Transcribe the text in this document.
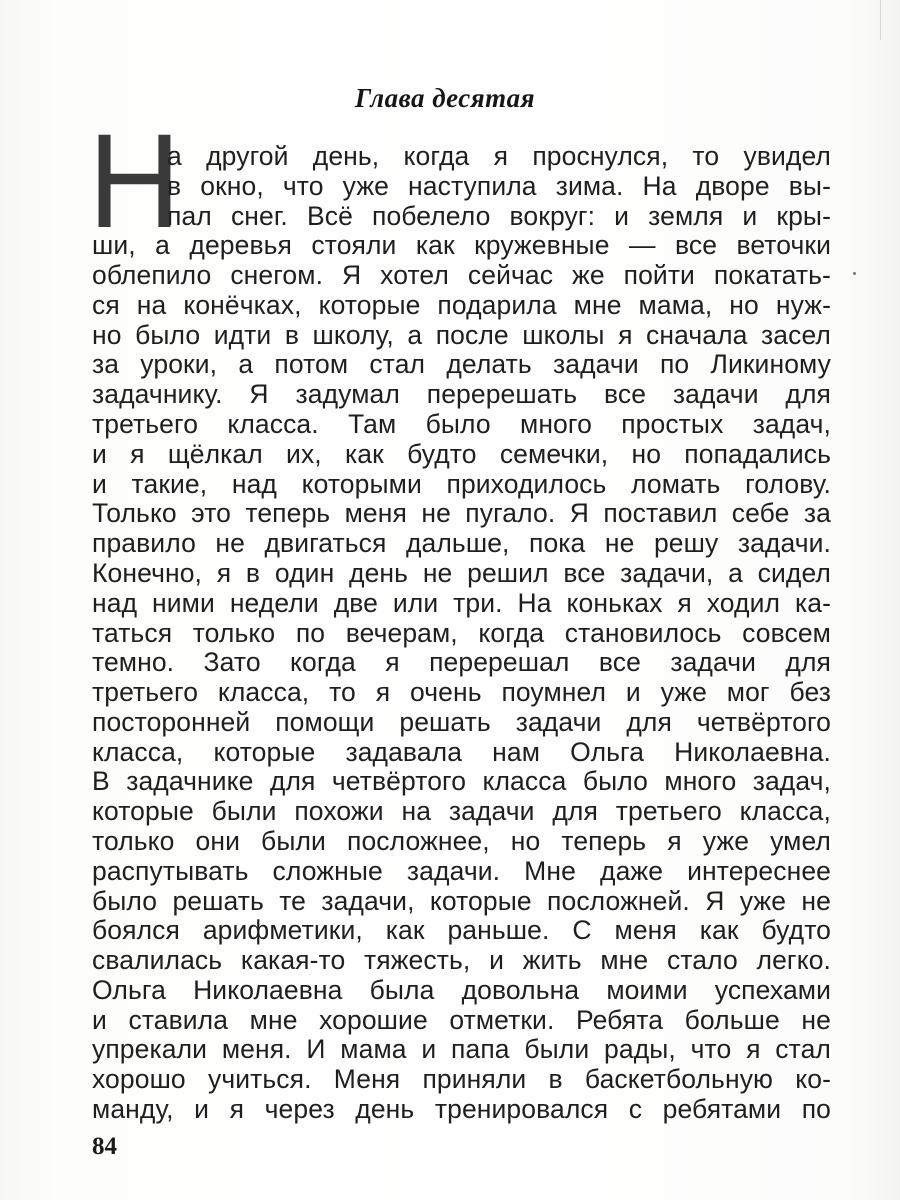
Глава десятая
Н
а другой день, когда я проснулся, то увидел
в окно, что уже наступила зима. На дворе вы-
пал снег. Всё побелело вокруг: и земля и кры-
ши, а деревья стояли как кружевные — все веточки
облепило снегом. Я хотел сейчас же пойти покатать-
ся на конёчках, которые подарила мне мама, но нуж-
но было идти в школу, а после школы я сначала засел
за уроки, а потом стал делать задачи по Ликиному
задачнику. Я задумал перерешать все задачи для
третьего класса. Там было много простых задач,
и я щёлкал их, как будто семечки, но попадались
и такие, над которыми приходилось ломать голову.
Только это теперь меня не пугало. Я поставил себе за
правило не двигаться дальше, пока не решу задачи.
Конечно, я в один день не решил все задачи, а сидел
над ними недели две или три. На коньках я ходил ка-
таться только по вечерам, когда становилось совсем
темно. Зато когда я перерешал все задачи для
третьего класса, то я очень поумнел и уже мог без
посторонней помощи решать задачи для четвёртого
класса, которые задавала нам Ольга Николаевна.
В задачнике для четвёртого класса было много задач,
которые были похожи на задачи для третьего класса,
только они были посложнее, но теперь я уже умел
распутывать сложные задачи. Мне даже интереснее
было решать те задачи, которые посложней. Я уже не
боялся арифметики, как раньше. С меня как будто
свалилась какая-то тяжесть, и жить мне стало легко.
Ольга Николаевна была довольна моими успехами
и ставила мне хорошие отметки. Ребята больше не
упрекали меня. И мама и папа были рады, что я стал
хорошо учиться. Меня приняли в баскетбольную ко-
манду, и я через день тренировался с ребятами по
84
